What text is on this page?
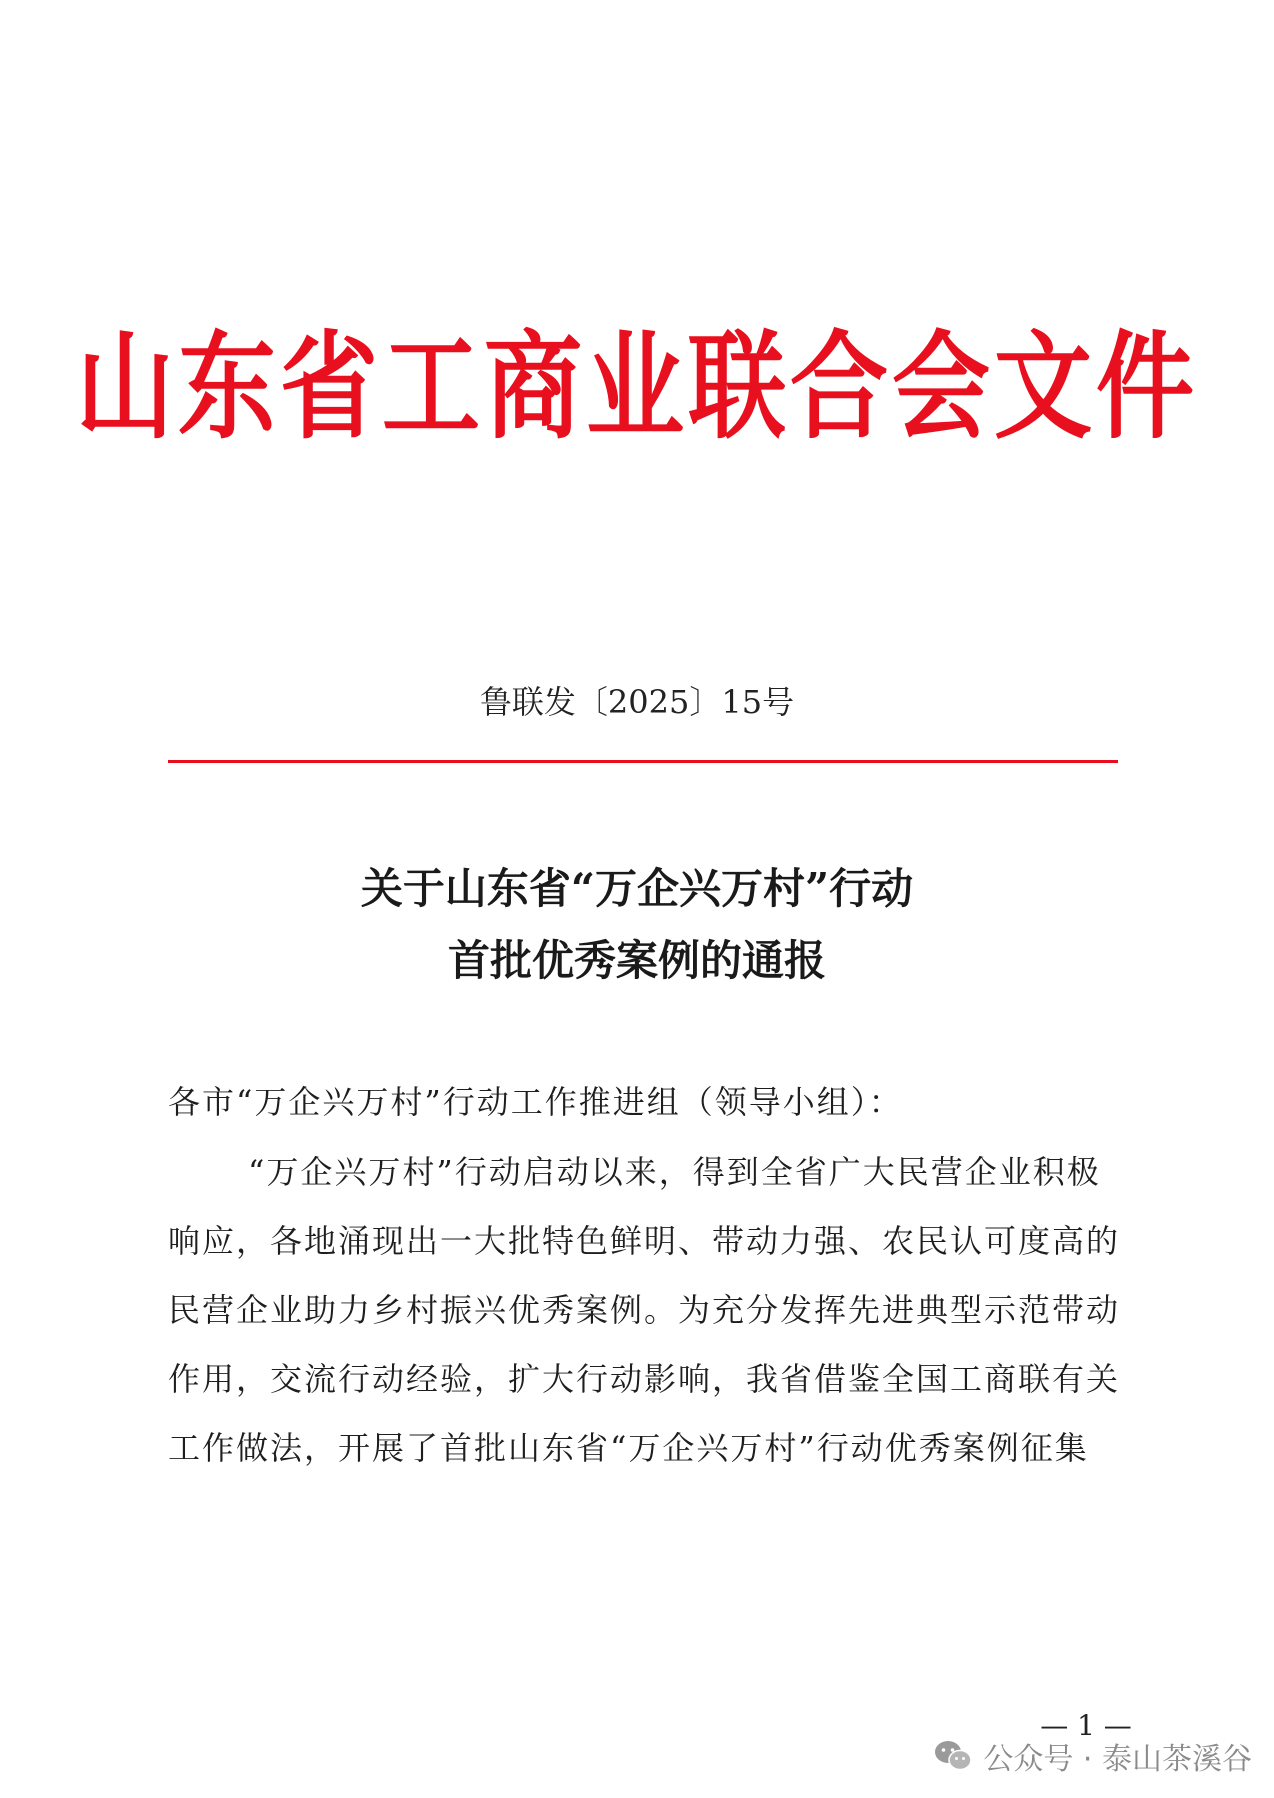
山东省工商业联合会文件
鲁联发〔2025〕15号
关于山东省“万企兴万村”行动
首批优秀案例的通报
各市“万企兴万村”行动工作推进组（领导小组）：
“万企兴万村”行动启动以来，得到全省广大民营企业积极
响应，各地涌现出一大批特色鲜明、带动力强、农民认可度高的
民营企业助力乡村振兴优秀案例。为充分发挥先进典型示范带动
作用，交流行动经验，扩大行动影响，我省借鉴全国工商联有关
工作做法，开展了首批山东省“万企兴万村”行动优秀案例征集
— 1 —
公众号 · 泰山茶溪谷
